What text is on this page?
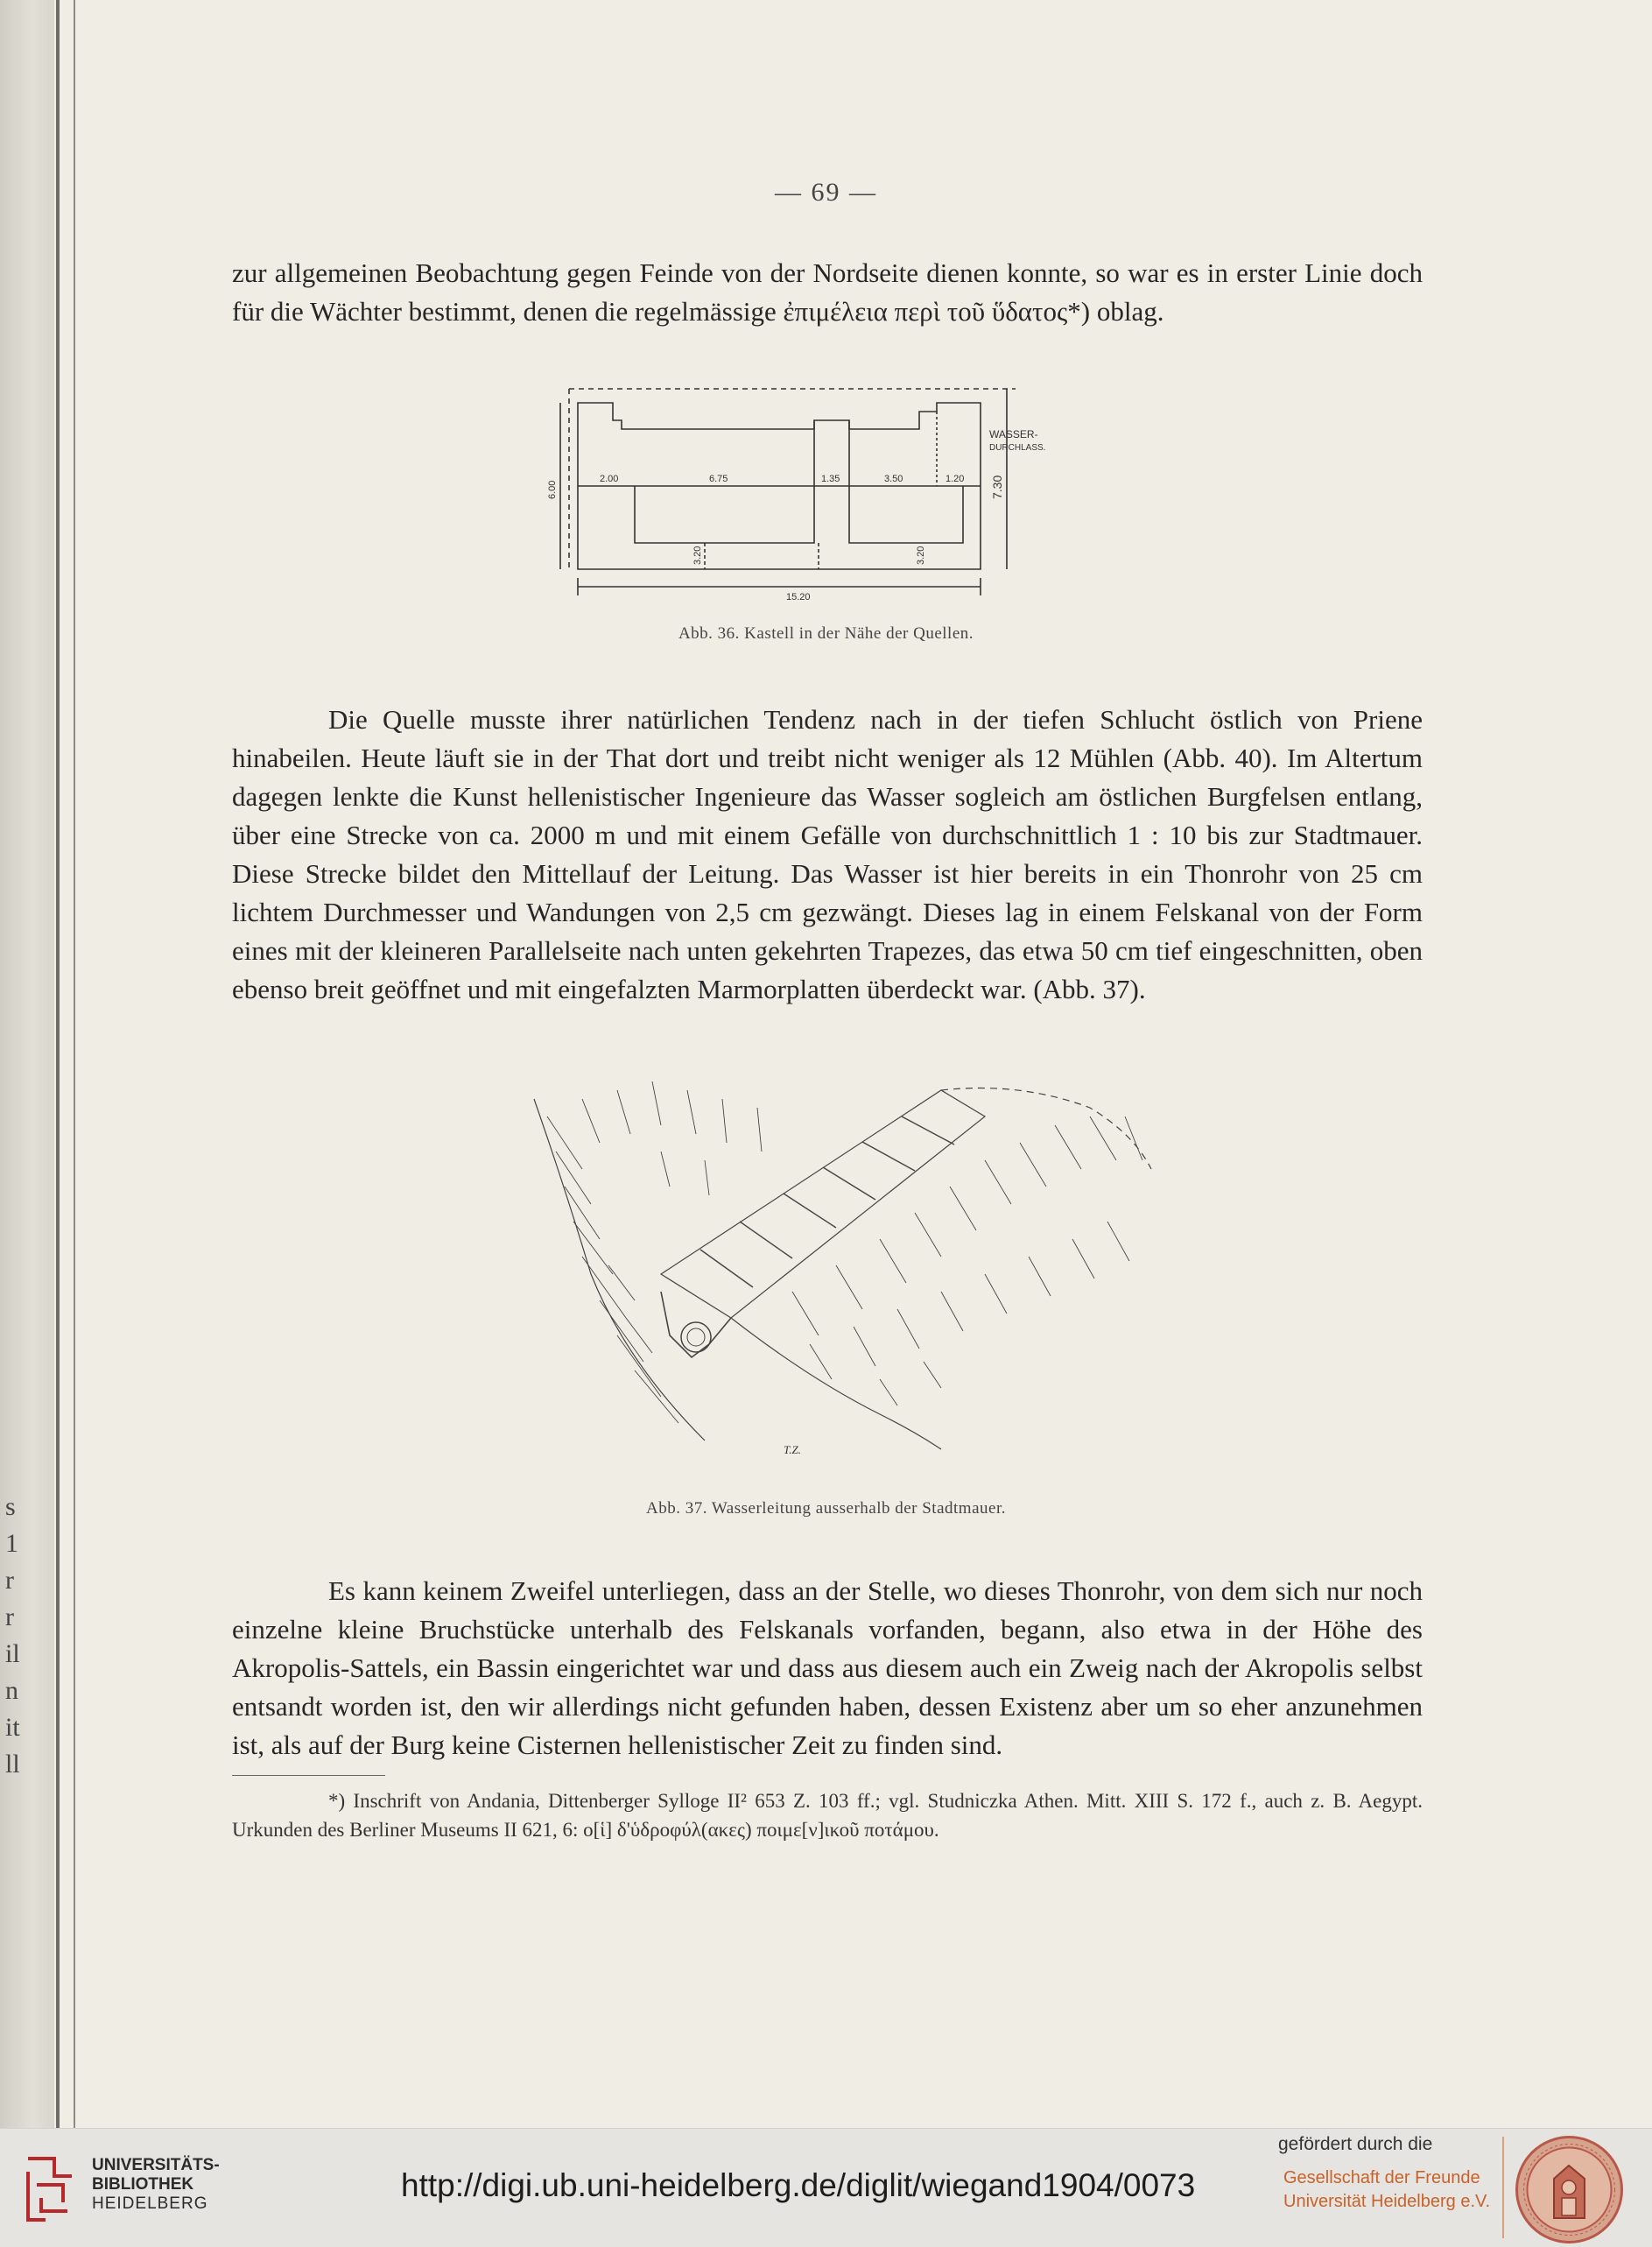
s
1
r
r
il
n
it
ll
— 69 —
zur allgemeinen Beobachtung gegen Feinde von der Nordseite dienen konnte, so war es in erster Linie doch für die Wächter bestimmt, denen die regelmässige ἐπιμέλεια περὶ τοῦ ὕδατος*) oblag.
2.00	6.75	1.35	3.50	1.20
15.20
WASSER-
DURCHLASS.
6.00	7.30
3.20	3.20
Abb. 36. Kastell in der Nähe der Quellen.
Die Quelle musste ihrer natürlichen Tendenz nach in der tiefen Schlucht östlich von Priene hinabeilen. Heute läuft sie in der That dort und treibt nicht weniger als 12 Mühlen (Abb. 40). Im Altertum dagegen lenkte die Kunst hellenistischer Ingenieure das Wasser sogleich am östlichen Burgfelsen entlang, über eine Strecke von ca. 2000 m und mit einem Gefälle von durchschnittlich 1 : 10 bis zur Stadtmauer. Diese Strecke bildet den Mittellauf der Leitung. Das Wasser ist hier bereits in ein Thonrohr von 25 cm lichtem Durchmesser und Wandungen von 2,5 cm gezwängt. Dieses lag in einem Felskanal von der Form eines mit der kleineren Parallelseite nach unten gekehrten Trapezes, das etwa 50 cm tief eingeschnitten, oben ebenso breit geöffnet und mit eingefalzten Marmorplatten überdeckt war. (Abb. 37).
T.Z.
Abb. 37. Wasserleitung ausserhalb der Stadtmauer.
Es kann keinem Zweifel unterliegen, dass an der Stelle, wo dieses Thonrohr, von dem sich nur noch einzelne kleine Bruchstücke unterhalb des Felskanals vorfanden, begann, also etwa in der Höhe des Akropolis-Sattels, ein Bassin eingerichtet war und dass aus diesem auch ein Zweig nach der Akropolis selbst entsandt worden ist, den wir allerdings nicht gefunden haben, dessen Existenz aber um so eher anzunehmen ist, als auf der Burg keine Cisternen hellenistischer Zeit zu finden sind.
*) Inschrift von Andania, Dittenberger Sylloge II² 653 Z. 103 ff.; vgl. Studniczka Athen. Mitt. XIII S. 172 f., auch z. B. Aegypt. Urkunden des Berliner Museums II 621, 6: ο[ἱ] δ'ὑδροφύλ(ακες) ποιμε[ν]ικοῦ ποτάμου.
UNIVERSITÄTS-
BIBLIOTHEK
HEIDELBERG
http://digi.ub.uni-heidelberg.de/diglit/wiegand1904/0073
gefördert durch die
Gesellschaft der Freunde
Universität Heidelberg e.V.
